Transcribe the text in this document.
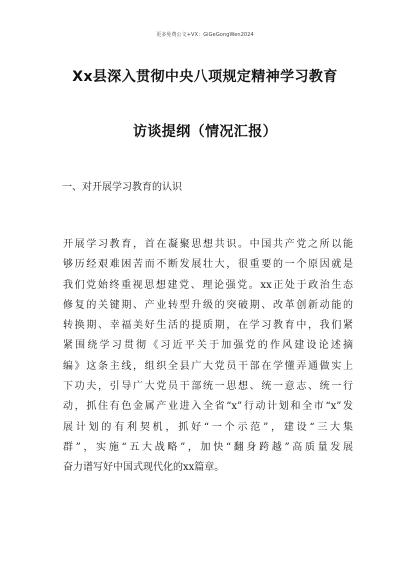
更多免费公文+VX：GiGeGongWen2024
Xx县深入贯彻中央八项规定精神学习教育
访谈提纲（情况汇报）
一、对开展学习教育的认识
开展学习教育，首在凝聚思想共识。中国共产党之所以能
够历经艰难困苦而不断发展壮大，很重要的一个原因就是
我们党始终重视思想建党、理论强党。xx正处于政治生态
修复的关键期、产业转型升级的突破期、改革创新动能的
转换期、幸福美好生活的提质期，在学习教育中，我们紧
紧围绕学习贯彻《习近平关于加强党的作风建设论述摘
编》这条主线，组织全县广大党员干部在学懂弄通做实上
下功夫，引导广大党员干部统一思想、统一意志、统一行
动，抓住有色金属产业进入全省“x”行动计划和全市“x”发
展计划的有利契机，抓好“一个示范”，建设“三大集
群”，实施“五大战略”，加快“翻身跨越”高质量发展
奋力谱写好中国式现代化的xx篇章。
